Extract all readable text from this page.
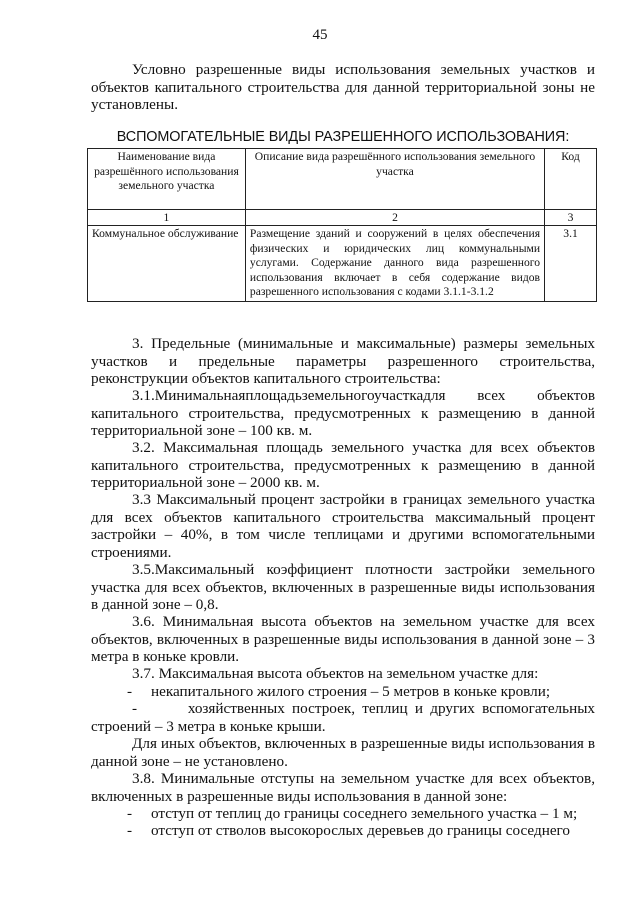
45

Условно разрешенные виды использования земельных участков и объектов капитального строительства для данной территориальной зоны не установлены.

ВСПОМОГАТЕЛЬНЫЕ ВИДЫ РАЗРЕШЕННОГО ИСПОЛЬЗОВАНИЯ:
Наименование вида разрешённого использования земельного участка	Описание вида разрешённого использования земельного участка	Код
1	2	3
Коммунальное обслуживание	Размещение зданий и сооружений в целях обеспечения физических и юридических лиц коммунальными услугами. Содержание данного вида разрешенного использования включает в себя содержание видов разрешенного использования с кодами 3.1.1-3.1.2	3.1

3. Предельные (минимальные и максимальные) размеры земельных участков и предельные параметры разрешенного строительства, реконструкции объектов капитального строительства:

3.1.Минимальнаяплощадьземельногоучасткадля всех объектов капитального строительства, предусмотренных к размещению в данной территориальной зоне – 100 кв. м.

3.2. Максимальная площадь земельного участка для всех объектов капитального строительства, предусмотренных к размещению в данной территориальной зоне – 2000 кв. м.

3.3 Максимальный процент застройки в границах земельного участка для всех объектов капитального строительства максимальный процент застройки – 40%, в том числе теплицами и другими вспомогательными строениями.

3.5.Максимальный коэффициент плотности застройки земельного участка для всех объектов, включенных в разрешенные виды использования в данной зоне – 0,8.

3.6. Минимальная высота объектов на земельном участке для всех объектов, включенных в разрешенные виды использования в данной зоне – 3 метра в коньке кровли.

3.7. Максимальная высота объектов на земельном участке для:

- некапитального жилого строения – 5 метров в коньке кровли;

-	хозяйственных построек, теплиц и других вспомогательных строений – 3 метра в коньке крыши.

Для иных объектов, включенных в разрешенные виды использования в данной зоне – не установлено.

3.8. Минимальные отступы на земельном участке для всех объектов, включенных в разрешенные виды использования в данной зоне:

- отступ от теплиц до границы соседнего земельного участка – 1 м;
- отступ от стволов высокорослых деревьев до границы соседнего
